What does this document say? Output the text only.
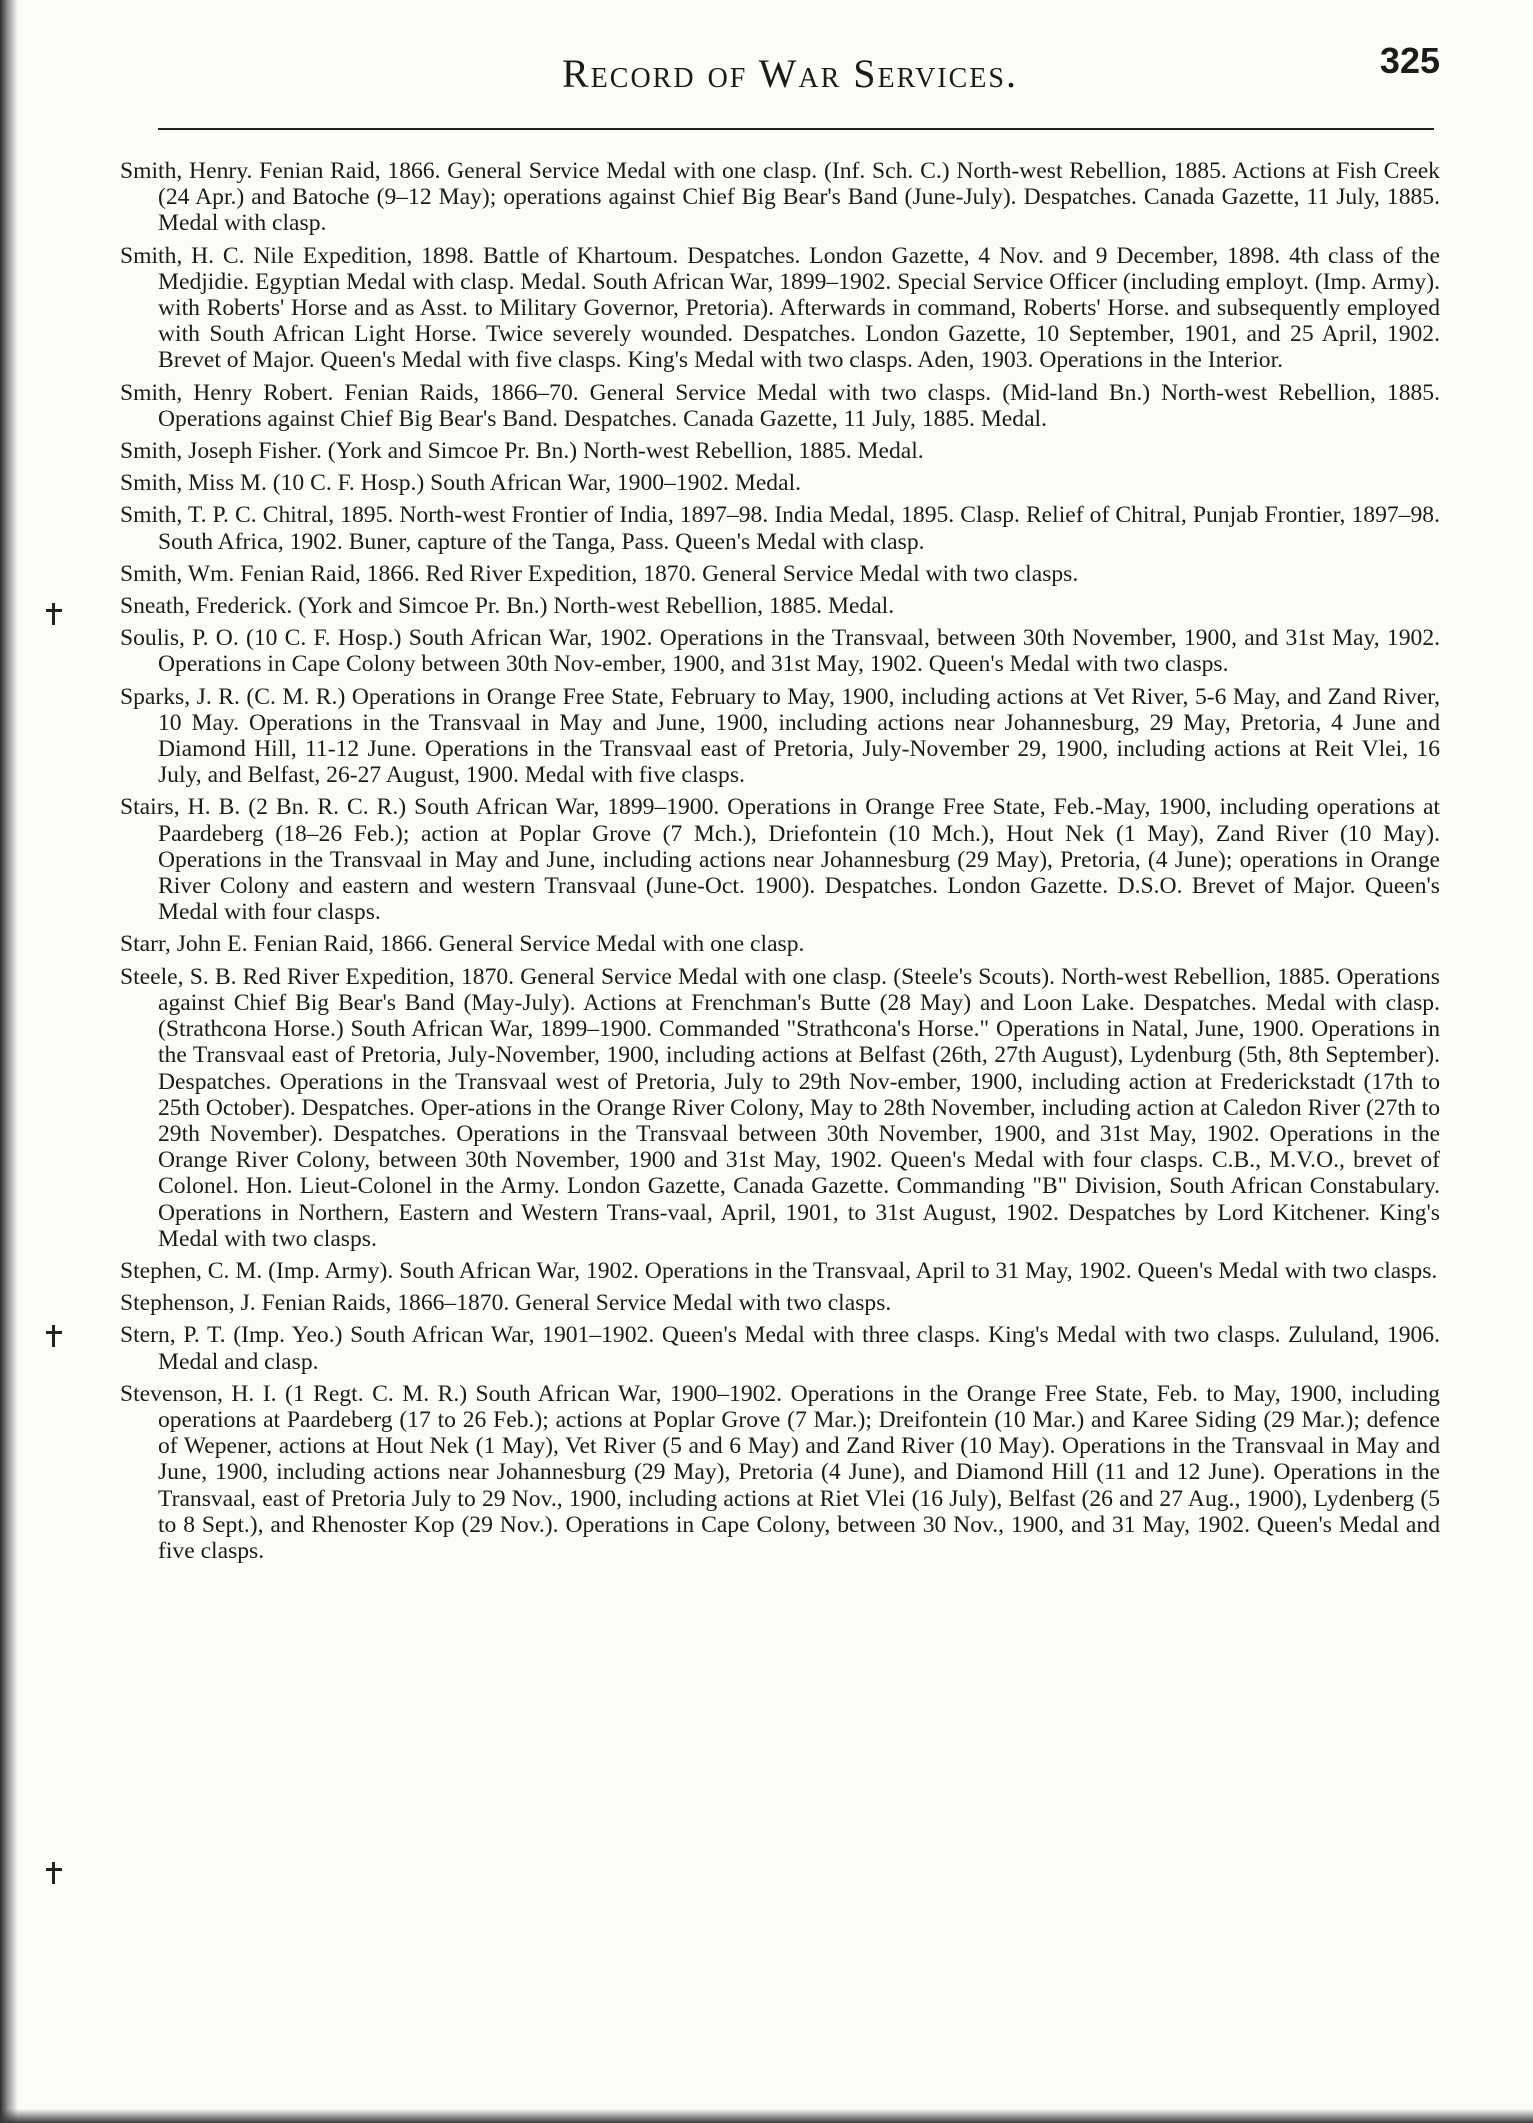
Record of War Services.	325

Smith, Henry. Fenian Raid, 1866. General Service Medal with one clasp. (Inf. Sch. C.) North-west Rebellion, 1885. Actions at Fish Creek (24 Apr.) and Batoche (9–12 May); operations against Chief Big Bear's Band (June-July). Despatches. Canada Gazette, 11 July, 1885. Medal with clasp.

Smith, H. C. Nile Expedition, 1898. Battle of Khartoum. Despatches. London Gazette, 4 Nov. and 9 December, 1898. 4th class of the Medjidie. Egyptian Medal with clasp. Medal. South African War, 1899–1902. Special Service Officer (including employt. (Imp. Army). with Roberts' Horse and as Asst. to Military Governor, Pretoria). Afterwards in command, Roberts' Horse. and subsequently employed with South African Light Horse. Twice severely wounded. Despatches. London Gazette, 10 September, 1901, and 25 April, 1902. Brevet of Major. Queen's Medal with five clasps. King's Medal with two clasps. Aden, 1903. Operations in the Interior.

Smith, Henry Robert. Fenian Raids, 1866–70. General Service Medal with two clasps. (Mid-land Bn.) North-west Rebellion, 1885. Operations against Chief Big Bear's Band. Despatches. Canada Gazette, 11 July, 1885. Medal.

Smith, Joseph Fisher. (York and Simcoe Pr. Bn.) North-west Rebellion, 1885. Medal.

Smith, Miss M. (10 C. F. Hosp.) South African War, 1900–1902. Medal.

Smith, T. P. C. Chitral, 1895. North-west Frontier of India, 1897–98. India Medal, 1895. Clasp. Relief of Chitral, Punjab Frontier, 1897–98. South Africa, 1902. Buner, capture of the Tanga, Pass. Queen's Medal with clasp.

Smith, Wm. Fenian Raid, 1866. Red River Expedition, 1870. General Service Medal with two clasps.

Sneath, Frederick. (York and Simcoe Pr. Bn.) North-west Rebellion, 1885. Medal.

Soulis, P. O. (10 C. F. Hosp.) South African War, 1902. Operations in the Transvaal, between 30th November, 1900, and 31st May, 1902. Operations in Cape Colony between 30th Nov-ember, 1900, and 31st May, 1902. Queen's Medal with two clasps.

Sparks, J. R. (C. M. R.) Operations in Orange Free State, February to May, 1900, including actions at Vet River, 5-6 May, and Zand River, 10 May. Operations in the Transvaal in May and June, 1900, including actions near Johannesburg, 29 May, Pretoria, 4 June and Diamond Hill, 11-12 June. Operations in the Transvaal east of Pretoria, July-November 29, 1900, including actions at Reit Vlei, 16 July, and Belfast, 26-27 August, 1900. Medal with five clasps.

Stairs, H. B. (2 Bn. R. C. R.) South African War, 1899–1900. Operations in Orange Free State, Feb.-May, 1900, including operations at Paardeberg (18–26 Feb.); action at Poplar Grove (7 Mch.), Driefontein (10 Mch.), Hout Nek (1 May), Zand River (10 May). Operations in the Transvaal in May and June, including actions near Johannesburg (29 May), Pretoria, (4 June); operations in Orange River Colony and eastern and western Transvaal (June-Oct. 1900). Despatches. London Gazette. D.S.O. Brevet of Major. Queen's Medal with four clasps.

Starr, John E. Fenian Raid, 1866. General Service Medal with one clasp.

Steele, S. B. Red River Expedition, 1870. General Service Medal with one clasp. (Steele's Scouts). North-west Rebellion, 1885. Operations against Chief Big Bear's Band (May-July). Actions at Frenchman's Butte (28 May) and Loon Lake. Despatches. Medal with clasp. (Strathcona Horse.) South African War, 1899–1900. Commanded "Strathcona's Horse." Operations in Natal, June, 1900. Operations in the Transvaal east of Pretoria, July-November, 1900, including actions at Belfast (26th, 27th August), Lydenburg (5th, 8th September). Despatches. Operations in the Transvaal west of Pretoria, July to 29th Nov-ember, 1900, including action at Frederickstadt (17th to 25th October). Despatches. Oper-ations in the Orange River Colony, May to 28th November, including action at Caledon River (27th to 29th November). Despatches. Operations in the Transvaal between 30th November, 1900, and 31st May, 1902. Operations in the Orange River Colony, between 30th November, 1900 and 31st May, 1902. Queen's Medal with four clasps. C.B., M.V.O., brevet of Colonel. Hon. Lieut-Colonel in the Army. London Gazette, Canada Gazette. Commanding "B" Division, South African Constabulary. Operations in Northern, Eastern and Western Trans-vaal, April, 1901, to 31st August, 1902. Despatches by Lord Kitchener. King's Medal with two clasps.

Stephen, C. M. (Imp. Army). South African War, 1902. Operations in the Transvaal, April to 31 May, 1902. Queen's Medal with two clasps.

Stephenson, J. Fenian Raids, 1866–1870. General Service Medal with two clasps.

Stern, P. T. (Imp. Yeo.) South African War, 1901–1902. Queen's Medal with three clasps. King's Medal with two clasps. Zululand, 1906. Medal and clasp.

Stevenson, H. I. (1 Regt. C. M. R.) South African War, 1900–1902. Operations in the Orange Free State, Feb. to May, 1900, including operations at Paardeberg (17 to 26 Feb.); actions at Poplar Grove (7 Mar.); Dreifontein (10 Mar.) and Karee Siding (29 Mar.); defence of Wepener, actions at Hout Nek (1 May), Vet River (5 and 6 May) and Zand River (10 May). Operations in the Transvaal in May and June, 1900, including actions near Johannesburg (29 May), Pretoria (4 June), and Diamond Hill (11 and 12 June). Operations in the Transvaal, east of Pretoria July to 29 Nov., 1900, including actions at Riet Vlei (16 July), Belfast (26 and 27 Aug., 1900), Lydenberg (5 to 8 Sept.), and Rhenoster Kop (29 Nov.). Operations in Cape Colony, between 30 Nov., 1900, and 31 May, 1902. Queen's Medal and five clasps.
